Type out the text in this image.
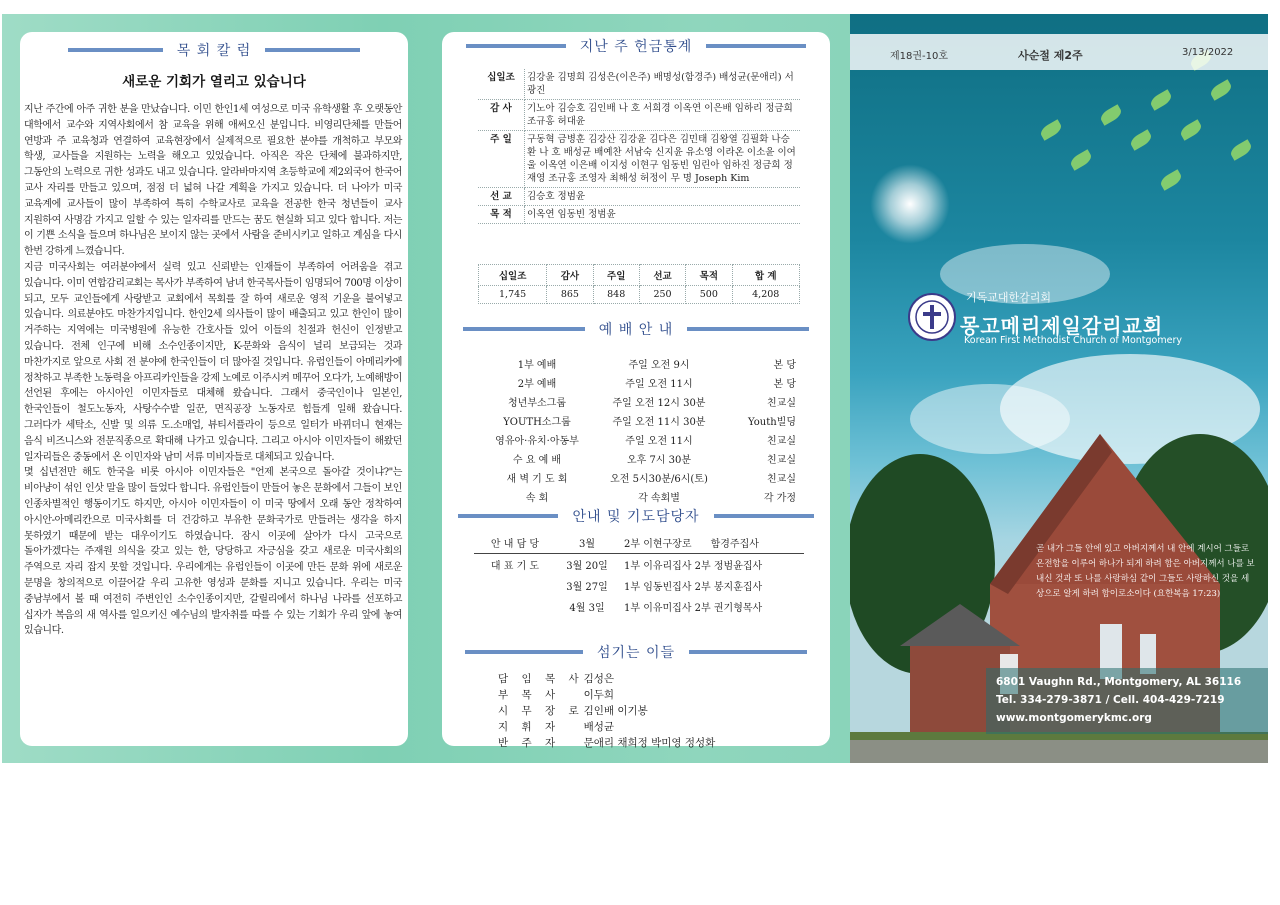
목 회 칼 럼
새로운 기회가 열리고 있습니다

지난 주간에 아주 귀한 분을 만났습니다. 이민 한인1세 여성으로 미국 유학생활 후 오랫동안 대학에서 교수와 지역사회에서 참 교육을 위해 애써오신 분입니다. 비영리단체를 만들어 연방과 주 교육청과 연결하여 교육현장에서 실제적으로 필요한 분야를 개척하고 부모와 학생, 교사들을 지원하는 노력을 해오고 있었습니다. 아직은 작은 단체에 불과하지만, 그동안의 노력으로 귀한 성과도 내고 있습니다. 알라바마지역 초등학교에 제2외국어 한국어 교사 자리를 만들고 있으며, 점점 더 넓혀 나갈 계획을 가지고 있습니다. 더 나아가 미국 교육계에 교사들이 많이 부족하여 특히 수학교사로 교육을 전공한 한국 청년들이 교사 지원하여 사명감 가지고 일할 수 있는 일자리를 만드는 꿈도 현실화 되고 있다 합니다. 저는 이 기쁜 소식을 들으며 하나님은 보이지 않는 곳에서 사람을 준비시키고 일하고 계심을 다시 한번 강하게 느꼈습니다.

지금 미국사회는 여러분야에서 실력 있고 신뢰받는 인재들이 부족하여 어려움을 겪고 있습니다. 이미 연합감리교회는 목사가 부족하여 남녀 한국목사들이 임명되어 700명 이상이 되고, 모두 교인들에게 사랑받고 교회에서 목회를 잘 하여 새로운 영적 기운을 불어넣고 있습니다. 의료분야도 마찬가지입니다. 한인2세 의사들이 많이 배출되고 있고 한인이 많이 거주하는 지역에는 미국병원에 유능한 간호사들 있어 이들의 친절과 헌신이 인정받고 있습니다. 전체 인구에 비해 소수인종이지만, K-문화와 음식이 널리 보급되는 것과 마찬가지로 앞으로 사회 전 분야에 한국인들이 더 많아질 것입니다. 유럽인들이 아메리카에 정착하고 부족한 노동력을 아프리카인들을 강제 노예로 이주시켜 메꾸어 오다가, 노예해방이 선언된 후에는 아시아인 이민자들로 대체해 왔습니다. 그래서 중국인이나 일본인, 한국인들이 철도노동자, 사탕수수밭 일꾼, 면직공장 노동자로 힘들게 일해 왔습니다. 그러다가 세탁소, 신발 및 의류 도.소매업, 뷰티서플라이 등으로 일터가 바뀌더니 현재는 음식 비즈니스와 전문직종으로 확대해 나가고 있습니다. 그리고 아시아 이민자들이 해왔던 일자리들은 중동에서 온 이민자와 남미 서류 미비자들로 대체되고 있습니다.

몇 십년전만 해도 한국을 비롯 아시아 이민자들은 "언제 본국으로 돌아갈 것이냐?"는 비아냥이 섞인 인삿 말을 많이 들었다 합니다. 유럽인들이 만들어 놓은 문화에서 그들이 보인 인종차별적인 행동이기도 하지만, 아시아 이민자들이 이 미국 땅에서 오래 동안 정착하여 아시안-아메리칸으로 미국사회를 더 건강하고 부유한 문화국가로 만들려는 생각을 하지 못하였기 때문에 받는 대우이기도 하였습니다. 잠시 이곳에 살아가 다시 고국으로 돌아가겠다는 주재원 의식을 갖고 있는 한, 당당하고 자긍심을 갖고 새로운 미국사회의 주역으로 자리 잡지 못할 것입니다. 우리에게는 유럽인들이 이곳에 만든 문화 위에 새로운 문명을 창의적으로 이끌어갈 우리 고유한 영성과 문화를 지니고 있습니다. 우리는 미국 중남부에서 볼 때 여전히 주변인인 소수인종이지만, 갈릴리에서 하나님 나라를 선포하고 십자가 복음의 새 역사를 일으키신 예수님의 발자취를 따를 수 있는 기회가 우리 앞에 놓여 있습니다.

지난 주 헌금통계
십일조	김강윤 김명희 김성은(이은주) 배명성(함경주) 배성균(문애리) 서광진
감 사	기노아 김승호 김인배 나 호 서희경 이옥연 이은배 임하리 정금희 조규홍 허대윤
주 일	구동혁 금병훈 김강산 김강윤 김다은 김민태 김왕열 김필화 나승환 나 호 배성균 배예찬 서남숙 신지윤 유소영 이라온 이소윤 이여울 이옥연 이은배 이지성 이현구 임동빈 임린아 임하진 정금희 정재영 조규홍 조영자 최해성 허정이 무 명 Joseph Kim
선 교	김승호 정범윤
목 적	이옥연 임동빈 정범윤
십일조	감사	주일	선교	목적	합 계
1,745	865	848	250	500	4,208
예 배 안 내
1부 예배	주일 오전 9시	본 당
2부 예배	주일 오전 11시	본 당
청년부소그룹	주일 오전 12시 30분	친교실
YOUTH소그룹	주일 오전 11시 30분	Youth빌딩
영유아·유치·아동부	주일 오전 11시	친교실
수 요 예 배	오후 7시 30분	친교실
새 벽 기 도 회	오전 5시30분/6시(토)	친교실
속 회	각 속회별	각 가정
안내 및 기도담당자
안 내 담 당	3월	2부 이현구장로 함경주집사
대 표 기 도	3월 20일	1부 이유리집사 2부 정범윤집사
	3월 27일	1부 임동빈집사 2부 봉지훈집사
	4월 3일	1부 이유미집사 2부 권기형목사
섬기는 이들
담 임 목 사	김성은
부 목 사	이두희
시 무 장 로	김인배 이기봉
지 휘 자	배성균
반 주 자	문애리 채희정 박미영 정성화
제18권-10호	사순절 제2주	3/13/2022
기독교대한감리회
몽고메리제일감리교회
Korean First Methodist Church of Montgomery
곧 내가 그들 안에 있고 아버지께서 내 안에 계시어 그들로 온전함을 이루어 하나가 되게 하려 함은 아버지께서 나를 보내신 것과 또 나를 사랑하심 같이 그들도 사랑하신 것을 세상으로 알게 하려 함이로소이다 (요한복음 17:23)
6801 Vaughn Rd., Montgomery, AL 36116
Tel. 334-279-3871 / Cell. 404-429-7219
www.montgomerykmc.org
